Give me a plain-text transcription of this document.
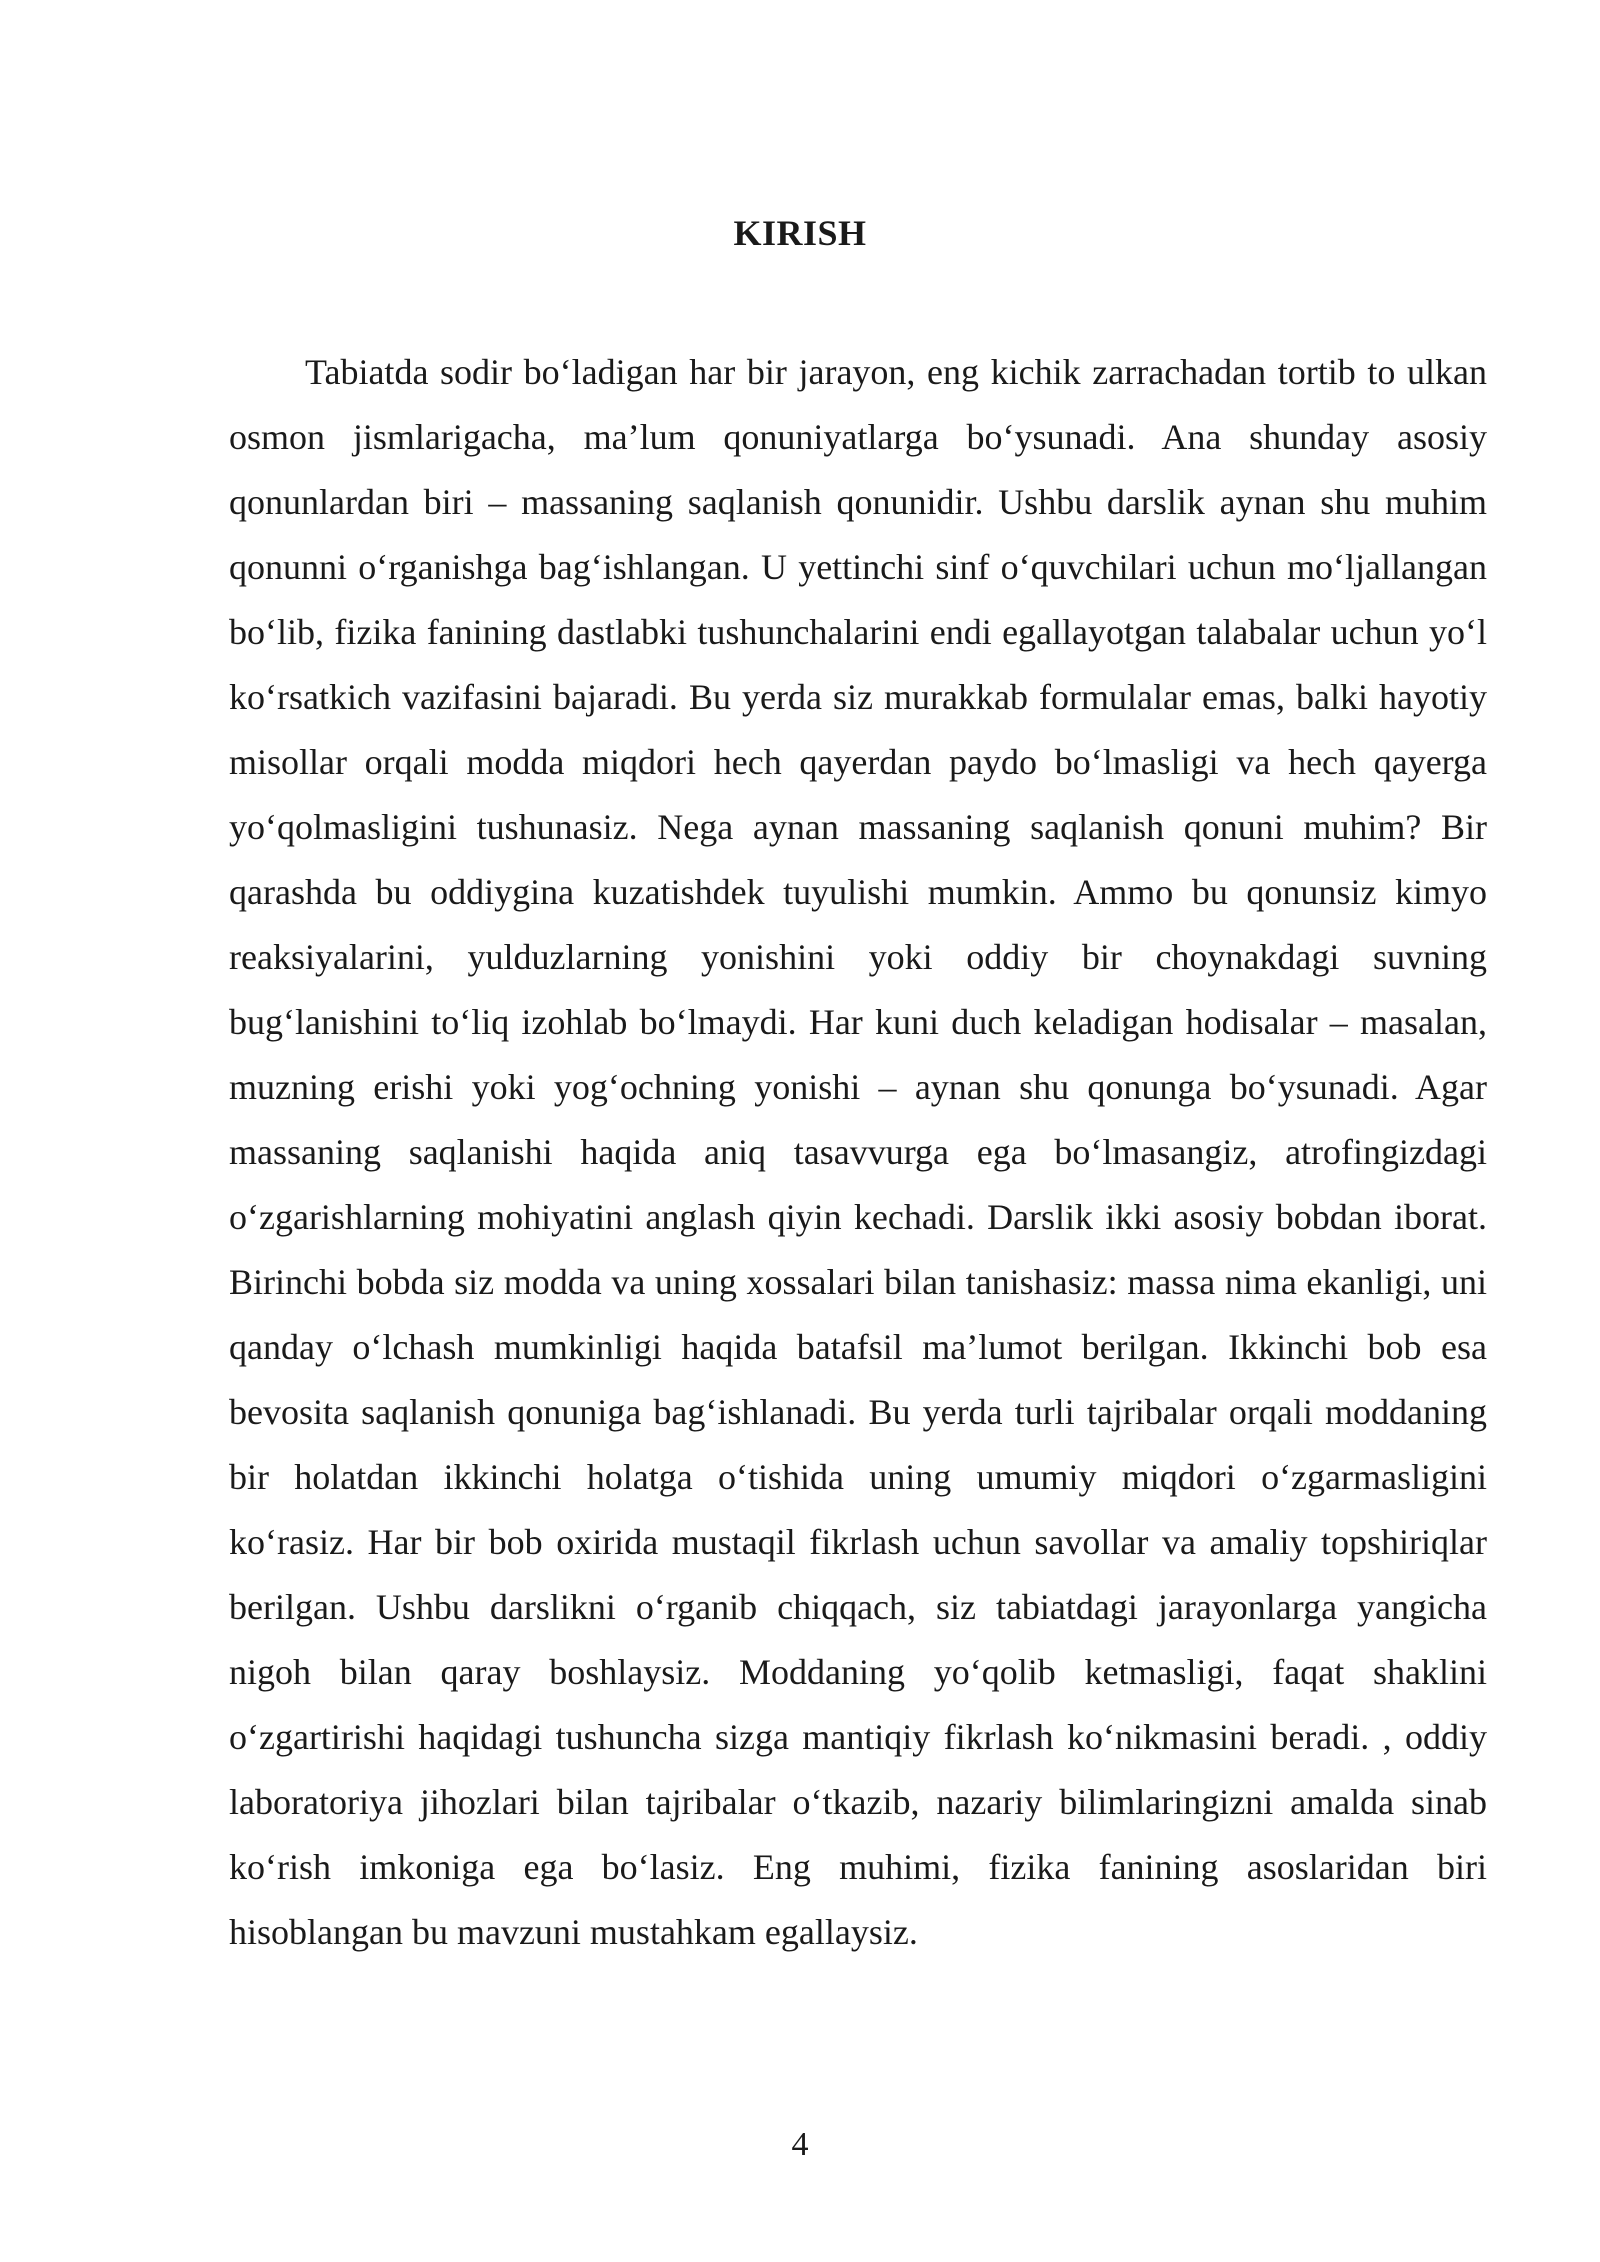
KIRISH

Tabiatda sodir bo‘ladigan har bir jarayon, eng kichik zarrachadan tortib to ulkan osmon jismlarigacha, ma’lum qonuniyatlarga bo‘ysunadi. Ana shunday asosiy qonunlardan biri – massaning saqlanish qonunidir. Ushbu darslik aynan shu muhim qonunni o‘rganishga bag‘ishlangan. U yettinchi sinf o‘quvchilari uchun mo‘ljallangan bo‘lib, fizika fanining dastlabki tushunchalarini endi egallayotgan talabalar uchun yo‘l ko‘rsatkich vazifasini bajaradi. Bu yerda siz murakkab formulalar emas, balki hayotiy misollar orqali modda miqdori hech qayerdan paydo bo‘lmasligi va hech qayerga yo‘qolmasligini tushunasiz. Nega aynan massaning saqlanish qonuni muhim? Bir qarashda bu oddiygina kuzatishdek tuyulishi mumkin. Ammo bu qonunsiz kimyo reaksiyalarini, yulduzlarning yonishini yoki oddiy bir choynakdagi suvning bug‘lanishini to‘liq izohlab bo‘lmaydi. Har kuni duch keladigan hodisalar – masalan, muzning erishi yoki yog‘ochning yonishi – aynan shu qonunga bo‘ysunadi. Agar massaning saqlanishi haqida aniq tasavvurga ega bo‘lmasangiz, atrofingizdagi o‘zgarishlarning mohiyatini anglash qiyin kechadi. Darslik ikki asosiy bobdan iborat. Birinchi bobda siz modda va uning xossalari bilan tanishasiz: massa nima ekanligi, uni qanday o‘lchash mumkinligi haqida batafsil ma’lumot berilgan. Ikkinchi bob esa bevosita saqlanish qonuniga bag‘ishlanadi. Bu yerda turli tajribalar orqali moddaning bir holatdan ikkinchi holatga o‘tishida uning umumiy miqdori o‘zgarmasligini ko‘rasiz. Har bir bob oxirida mustaqil fikrlash uchun savollar va amaliy topshiriqlar berilgan. Ushbu darslikni o‘rganib chiqqach, siz tabiatdagi jarayonlarga yangicha nigoh bilan qaray boshlaysiz. Moddaning yo‘qolib ketmasligi, faqat shaklini o‘zgartirishi haqidagi tushuncha sizga mantiqiy fikrlash ko‘nikmasini beradi. , oddiy laboratoriya jihozlari bilan tajribalar o‘tkazib, nazariy bilimlaringizni amalda sinab ko‘rish imkoniga ega bo‘lasiz. Eng muhimi, fizika fanining asoslaridan biri hisoblangan bu mavzuni mustahkam egallaysiz.

4
